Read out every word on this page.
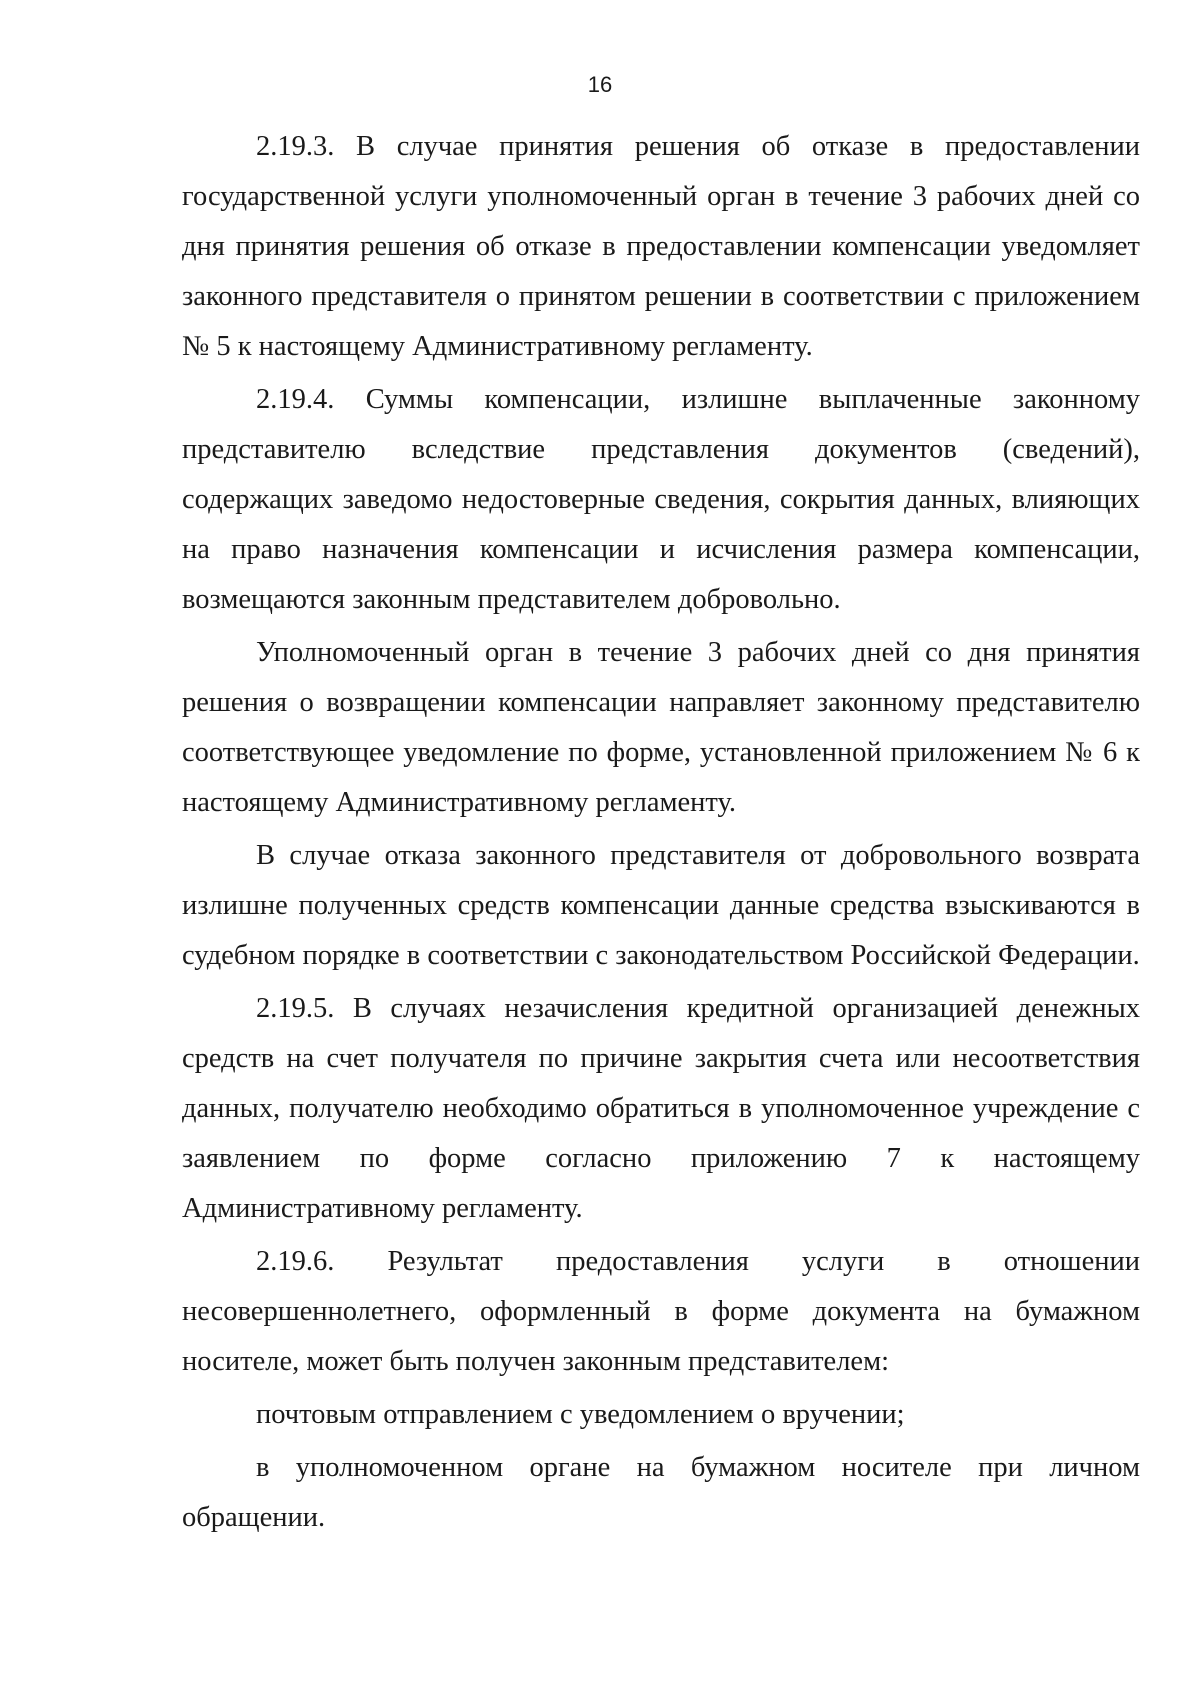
16

2.19.3. В случае принятия решения об отказе в предоставлении государственной услуги уполномоченный орган в течение 3 рабочих дней со дня принятия решения об отказе в предоставлении компенсации уведомляет законного представителя о принятом решении в соответствии с приложением № 5 к настоящему Административному регламенту.

2.19.4. Суммы компенсации, излишне выплаченные законному представителю вследствие представления документов (сведений), содержащих заведомо недостоверные сведения, сокрытия данных, влияющих на право назначения компенсации и исчисления размера компенсации, возмещаются законным представителем добровольно.

Уполномоченный орган в течение 3 рабочих дней со дня принятия решения о возвращении компенсации направляет законному представителю соответствующее уведомление по форме, установленной приложением № 6 к настоящему Административному регламенту.

В случае отказа законного представителя от добровольного возврата излишне полученных средств компенсации данные средства взыскиваются в судебном порядке в соответствии с законодательством Российской Федерации.

2.19.5. В случаях незачисления кредитной организацией денежных средств на счет получателя по причине закрытия счета или несоответствия данных, получателю необходимо обратиться в уполномоченное учреждение с заявлением по форме согласно приложению 7 к настоящему Административному регламенту.

2.19.6. Результат предоставления услуги в отношении несовершеннолетнего, оформленный в форме документа на бумажном носителе, может быть получен законным представителем:

почтовым отправлением с уведомлением о вручении;

в уполномоченном органе на бумажном носителе при личном обращении.
